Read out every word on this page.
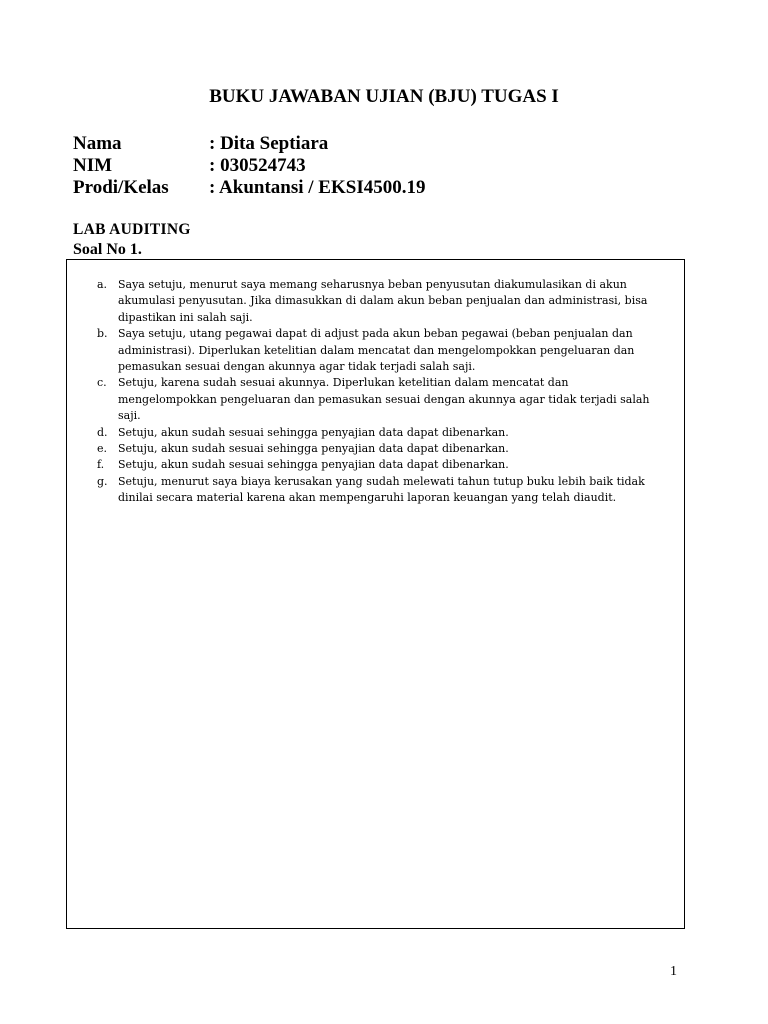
BUKU JAWABAN UJIAN (BJU) TUGAS I
Nama	: Dita Septiara
NIM	: 030524743
Prodi/Kelas	: Akuntansi / EKSI4500.19
LAB AUDITING
Soal No 1.
a. Saya setuju, menurut saya memang seharusnya beban penyusutan diakumulasikan di akun akumulasi penyusutan. Jika dimasukkan di dalam akun beban penjualan dan administrasi, bisa dipastikan ini salah saji.
b. Saya setuju, utang pegawai dapat di adjust pada akun beban pegawai (beban penjualan dan administrasi). Diperlukan ketelitian dalam mencatat dan mengelompokkan pengeluaran dan pemasukan sesuai dengan akunnya agar tidak terjadi salah saji.
c.	Setuju, karena sudah sesuai akunnya. Diperlukan ketelitian dalam mencatat dan mengelompokkan pengeluaran dan pemasukan sesuai dengan akunnya agar tidak terjadi salah saji.
d. Setuju, akun sudah sesuai sehingga penyajian data dapat dibenarkan.
e. Setuju, akun sudah sesuai sehingga penyajian data dapat dibenarkan.
f.	Setuju, akun sudah sesuai sehingga penyajian data dapat dibenarkan.
g. Setuju, menurut saya biaya kerusakan yang sudah melewati tahun tutup buku lebih baik tidak dinilai secara material karena akan mempengaruhi laporan keuangan yang telah diaudit.
1
